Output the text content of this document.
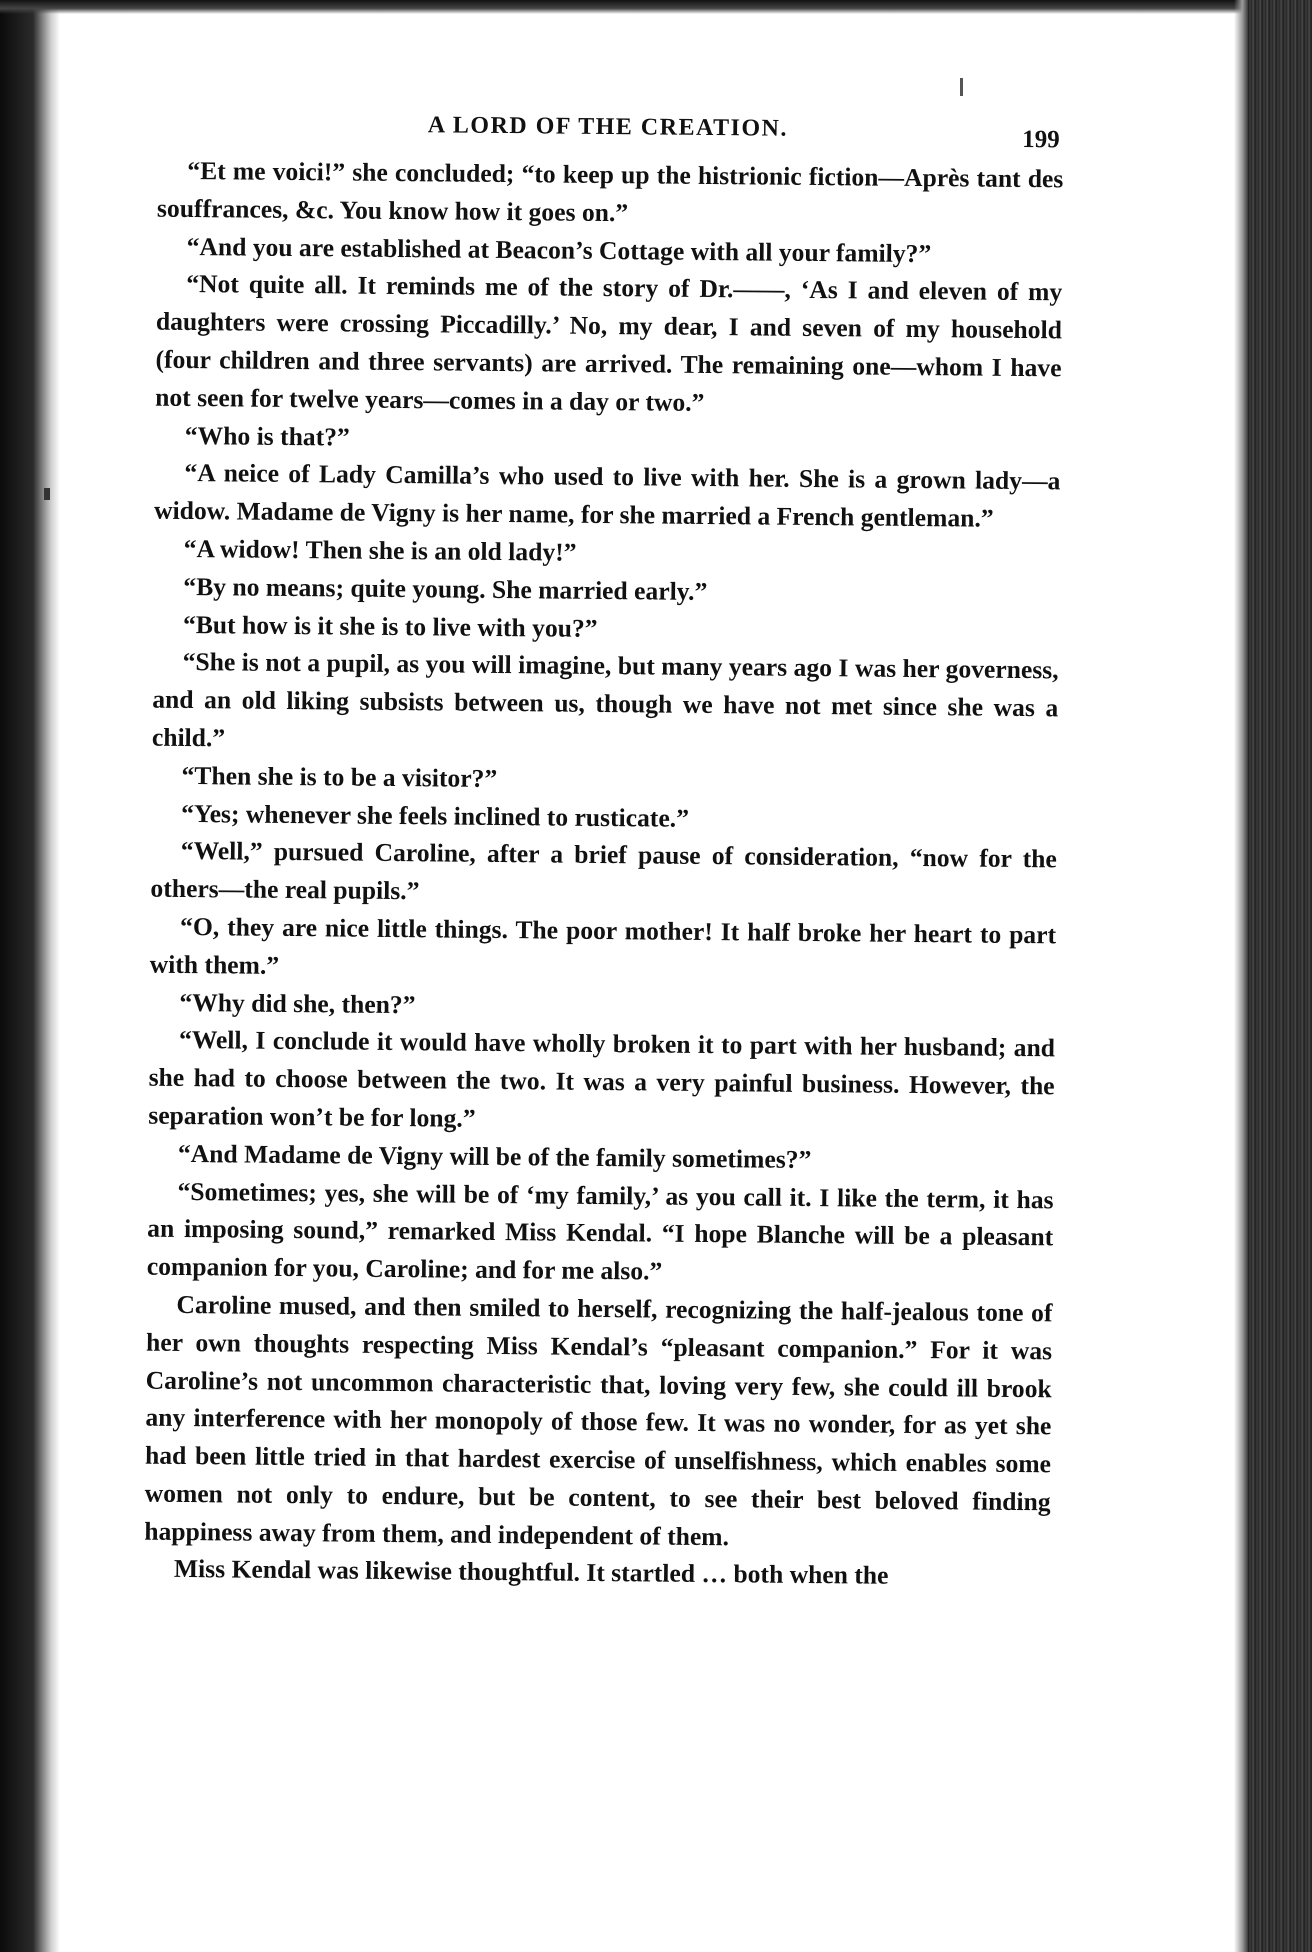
A LORD OF THE CREATION.	199

“Et me voici!” she concluded; “to keep up the histrionic fiction—Après tant des souffrances, &c. You know how it goes on.”

“And you are established at Beacon’s Cottage with all your family?”

“Not quite all. It reminds me of the story of Dr.——, ‘As I and eleven of my daughters were crossing Piccadilly.’ No, my dear, I and seven of my household (four children and three servants) are arrived. The remaining one—whom I have not seen for twelve years—comes in a day or two.”

“Who is that?”

“A neice of Lady Camilla’s who used to live with her. She is a grown lady—a widow. Madame de Vigny is her name, for she married a French gentleman.”

“A widow! Then she is an old lady!”

“By no means; quite young. She married early.”

“But how is it she is to live with you?”

“She is not a pupil, as you will imagine, but many years ago I was her governess, and an old liking subsists between us, though we have not met since she was a child.”

“Then she is to be a visitor?”

“Yes; whenever she feels inclined to rusticate.”

“Well,” pursued Caroline, after a brief pause of consideration, “now for the others—the real pupils.”

“O, they are nice little things. The poor mother! It half broke her heart to part with them.”

“Why did she, then?”

“Well, I conclude it would have wholly broken it to part with her husband; and she had to choose between the two. It was a very painful business. However, the separation won’t be for long.”

“And Madame de Vigny will be of the family sometimes?”

“Sometimes; yes, she will be of ‘my family,’ as you call it. I like the term, it has an imposing sound,” remarked Miss Kendal. “I hope Blanche will be a pleasant companion for you, Caroline; and for me also.”

Caroline mused, and then smiled to herself, recognizing the half-jealous tone of her own thoughts respecting Miss Kendal’s “pleasant companion.” For it was Caroline’s not uncommon characteristic that, loving very few, she could ill brook any interference with her monopoly of those few. It was no wonder, for as yet she had been little tried in that hardest exercise of unselfishness, which enables some women not only to endure, but be content, to see their best beloved finding happiness away from them, and independent of them.

Miss Kendal was likewise thoughtful. It startled … both when the
